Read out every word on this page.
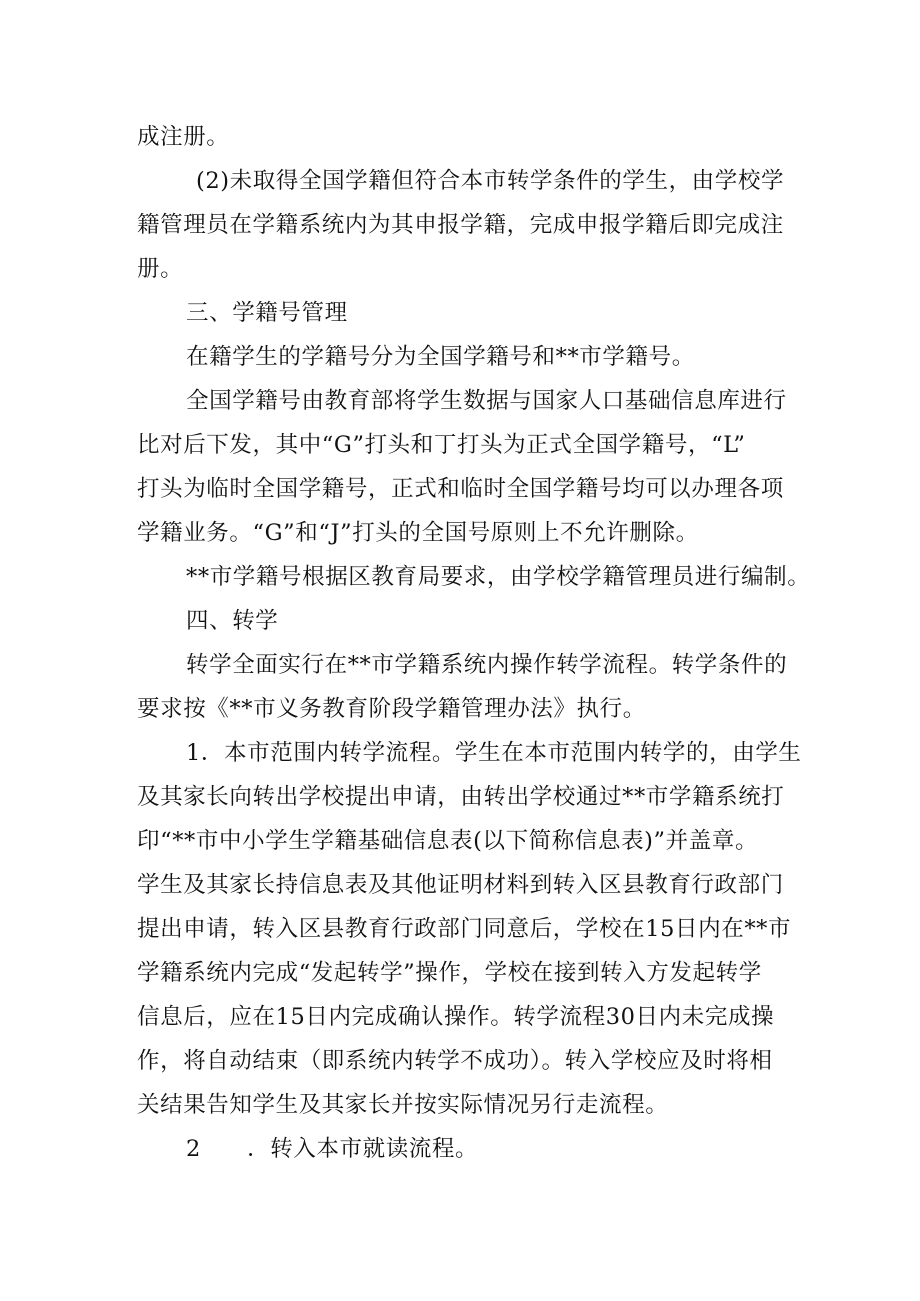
成注册。
(2)未取得全国学籍但符合本市转学条件的学生，由学校学
籍管理员在学籍系统内为其申报学籍，完成申报学籍后即完成注
册。
三、学籍号管理
在籍学生的学籍号分为全国学籍号和**市学籍号。
全国学籍号由教育部将学生数据与国家人口基础信息库进行
比对后下发，其中“G”打头和丁打头为正式全国学籍号，“L”
打头为临时全国学籍号，正式和临时全国学籍号均可以办理各项
学籍业务。“G”和“J”打头的全国号原则上不允许删除。
**市学籍号根据区教育局要求，由学校学籍管理员进行编制。
四、转学
转学全面实行在**市学籍系统内操作转学流程。转学条件的
要求按《**市义务教育阶段学籍管理办法》执行。
1．本市范围内转学流程。学生在本市范围内转学的，由学生
及其家长向转出学校提出申请，由转出学校通过**市学籍系统打
印“**市中小学生学籍基础信息表(以下简称信息表)”并盖章。
学生及其家长持信息表及其他证明材料到转入区县教育行政部门
提出申请，转入区县教育行政部门同意后，学校在15日内在**市
学籍系统内完成“发起转学”操作，学校在接到转入方发起转学
信息后，应在15日内完成确认操作。转学流程30日内未完成操
作，将自动结束（即系统内转学不成功）。转入学校应及时将相
关结果告知学生及其家长并按实际情况另行走流程。
2　　．转入本市就读流程。
